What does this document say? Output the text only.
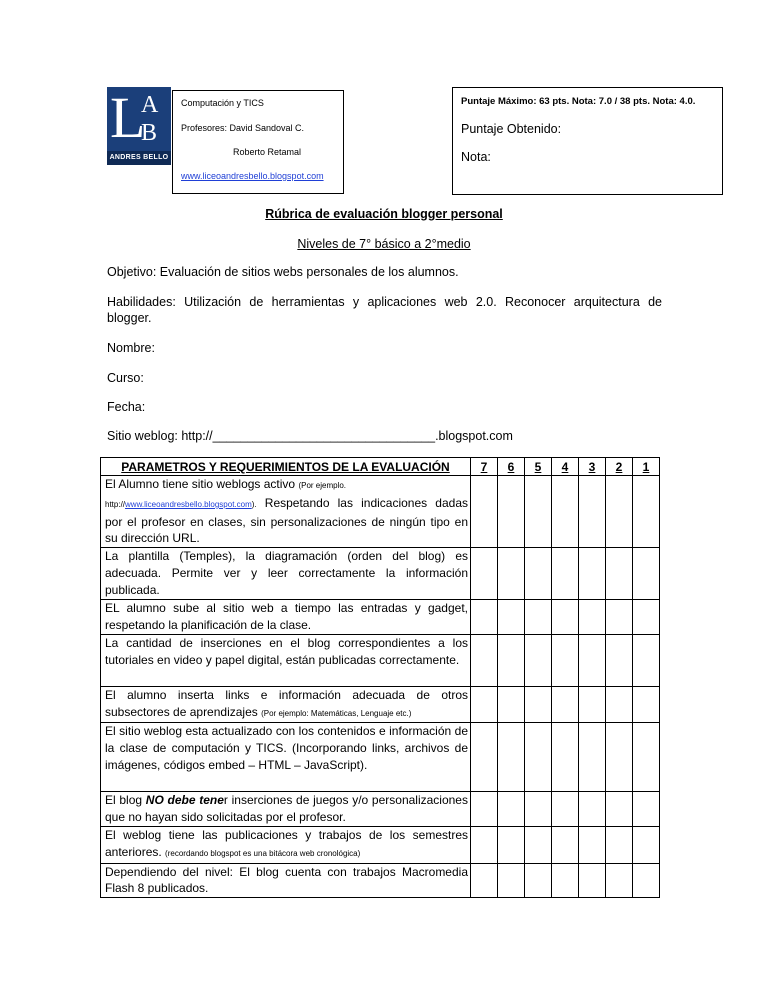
L
A
B
ANDRES BELLO
Computación y TICS
Profesores: David Sandoval C.
Roberto Retamal
www.liceoandresbello.blogspot.com
Puntaje Máximo: 63 pts. Nota: 7.0 / 38 pts. Nota: 4.0.
Puntaje Obtenido:
Nota:
Rúbrica de evaluación blogger personal
Niveles de 7° básico a 2°medio
Objetivo: Evaluación de sitios webs personales de los alumnos.
Habilidades: Utilización de herramientas y aplicaciones web 2.0. Reconocer arquitectura de
blogger.
Nombre:
Curso:
Fecha:
Sitio weblog: http://________________________________.blogspot.com
PARAMETROS Y REQUERIMIENTOS DE LA EVALUACIÓN	7	6	5	4	3	2	1
El Alumno tiene sitio weblogs activo (Por ejemplo.
http://www.liceoandresbello.blogspot.com). Respetando las indicaciones dadas por el profesor en clases, sin personalizaciones de ningún tipo en su dirección URL.							
La plantilla (Temples), la diagramación (orden del blog) es adecuada. Permite ver y leer correctamente la información publicada.							
EL alumno sube al sitio web a tiempo las entradas y gadget, respetando la planificación de la clase.							
La cantidad de inserciones en el blog correspondientes a los tutoriales en video y papel digital, están publicadas correctamente.							
El alumno inserta links e información adecuada de otros subsectores de aprendizajes (Por ejemplo: Matemáticas, Lenguaje etc.)							
El sitio weblog esta actualizado con los contenidos e información de la clase de computación y TICS. (Incorporando links, archivos de imágenes, códigos embed – HTML – JavaScript).							
El blog NO debe tener inserciones de juegos y/o personalizaciones que no hayan sido solicitadas por el profesor.							
El weblog tiene las publicaciones y trabajos de los semestres anteriores. (recordando blogspot es una bitácora web cronológica)							
Dependiendo del nivel: El blog cuenta con trabajos Macromedia Flash 8 publicados.							
